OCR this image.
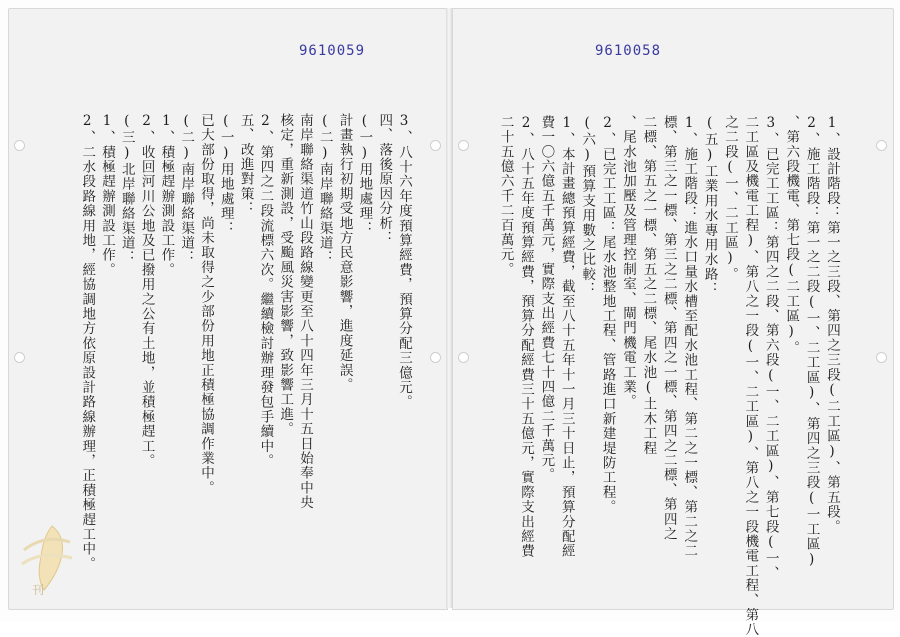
9610059
3、八十六年度預算經費，預算分配三億元。
四、落後原因分析：
(一)用地處理：
計畫執行初期受地方民意影響，進度延誤。
(二)南岸聯絡渠道：
南岸聯絡渠道竹山段路線變更至八十四年三月十五日始奉中央
核定，重新測設，受颱風災害影響，致影響工進。
2、第四之二段流標六次。繼續檢討辦理發包手續中。
五、改進對策：
(一)用地處理：
已大部份取得，尚未取得之少部份用地正積極協調作業中。
(二)南岸聯絡渠道：
1、積極趕辦測設工作。
2、收回河川公地及已撥用之公有土地，並積極趕工。
(三)北岸聯絡渠道：
1、積極趕辦測設工作。
2、二水段路線用地，經協調地方依原設計路線辦理，正積極趕工中。
9610058
1、設計階段：第一之三段、第四之三段(二工區)、第五段。
2、施工階段：第一之二段(一、二工區)、第四之三段(一工區)
、第六段機電、第七段(二工區)。
3、已完工工區：第四之二段、第六段(一、二工區)、第七段(一、
二工區及機電工程)、第八之一段(一、二工區)、第八之一段機電工程、第八
之二段(一、二工區)。
(五)工業用水專用水路：
1、施工階段：進水口量水槽至配水池工程、第二之一標、第二之二
標、第三之一標、第三之二標、第四之一標、第四之二標、第四之
二標、第五之一標、第五之二標、尾水池(土木工程
、尾水池加壓及管理控制室、閘門機電工業。
2、已完工工區：尾水池整地工程、管路進口新建堤防工程。
(六)預算支用數之比較：
1、本計畫總預算經費，截至八十五年十一月三十日止，預算分配經
費一〇六億五千萬元，實際支出經費七十四億二千萬元。
2、八十五年度預算經費，預算分配經費三十五億元，實際支出經費
二十五億六千二百萬元。
刊
